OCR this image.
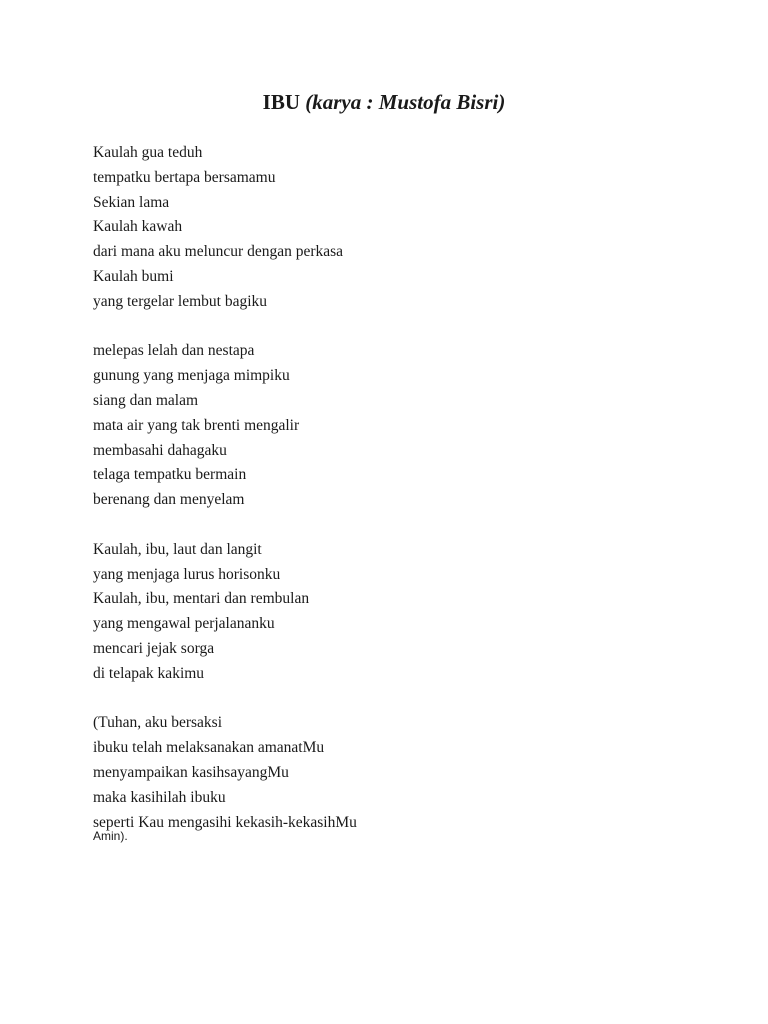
IBU (karya : Mustofa Bisri)
Kaulah gua teduh
tempatku bertapa bersamamu
Sekian lama
Kaulah kawah
dari mana aku meluncur dengan perkasa
Kaulah bumi
yang tergelar lembut bagiku
melepas lelah dan nestapa
gunung yang menjaga mimpiku
siang dan malam
mata air yang tak brenti mengalir
membasahi dahagaku
telaga tempatku bermain
berenang dan menyelam
Kaulah, ibu, laut dan langit
yang menjaga lurus horisonku
Kaulah, ibu, mentari dan rembulan
yang mengawal perjalananku
mencari jejak sorga
di telapak kakimu
(Tuhan, aku bersaksi
ibuku telah melaksanakan amanatMu
menyampaikan kasihsayangMu
maka kasihilah ibuku
seperti Kau mengasihi kekasih-kekasihMu
Amin).
